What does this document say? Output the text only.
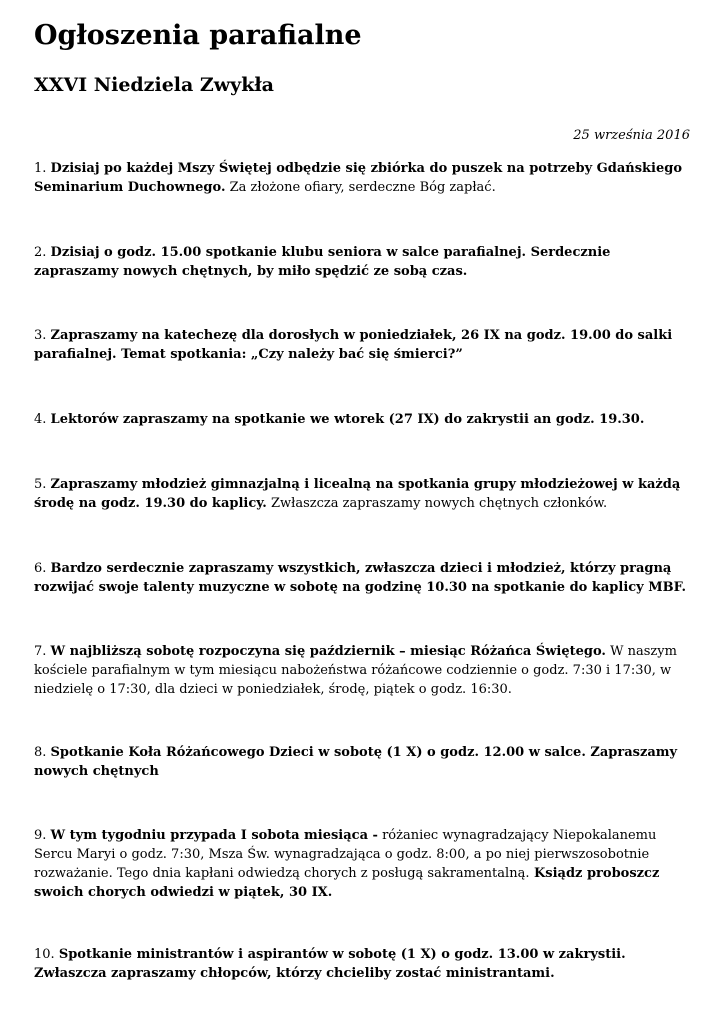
Ogłoszenia parafialne
XXVI Niedziela Zwykła
25 września 2016

1. Dzisiaj po każdej Mszy Świętej odbędzie się zbiórka do puszek na potrzeby Gdańskiego Seminarium Duchownego. Za złożone ofiary, serdeczne Bóg zapłać.

2. Dzisiaj o godz. 15.00 spotkanie klubu seniora w salce parafialnej. Serdecznie zapraszamy nowych chętnych, by miło spędzić ze sobą czas.

3. Zapraszamy na katechezę dla dorosłych w poniedziałek, 26 IX na godz. 19.00 do salki parafialnej. Temat spotkania: „Czy należy bać się śmierci?”

4. Lektorów zapraszamy na spotkanie we wtorek (27 IX) do zakrystii an godz. 19.30.

5. Zapraszamy młodzież gimnazjalną i licealną na spotkania grupy młodzieżowej w każdą środę na godz. 19.30 do kaplicy. Zwłaszcza zapraszamy nowych chętnych członków.

6. Bardzo serdecznie zapraszamy wszystkich, zwłaszcza dzieci i młodzież, którzy pragną rozwijać swoje talenty muzyczne w sobotę na godzinę 10.30 na spotkanie do kaplicy MBF.

7. W najbliższą sobotę rozpoczyna się październik – miesiąc Różańca Świętego. W naszym kościele parafialnym w tym miesiącu nabożeństwa różańcowe codziennie o godz. 7:30 i 17:30, w niedzielę o 17:30, dla dzieci w poniedziałek, środę, piątek o godz. 16:30.

8. Spotkanie Koła Różańcowego Dzieci w sobotę (1 X) o godz. 12.00 w salce. Zapraszamy nowych chętnych

9. W tym tygodniu przypada I sobota miesiąca - różaniec wynagradzający Niepokalanemu Sercu Maryi o godz. 7:30, Msza Św. wynagradzająca o godz. 8:00, a po niej pierwszosobotnie rozważanie. Tego dnia kapłani odwiedzą chorych z posługą sakramentalną. Ksiądz proboszcz swoich chorych odwiedzi w piątek, 30 IX.

10. Spotkanie ministrantów i aspirantów w sobotę (1 X) o godz. 13.00 w zakrystii. Zwłaszcza zapraszamy chłopców, którzy chcieliby zostać ministrantami.
